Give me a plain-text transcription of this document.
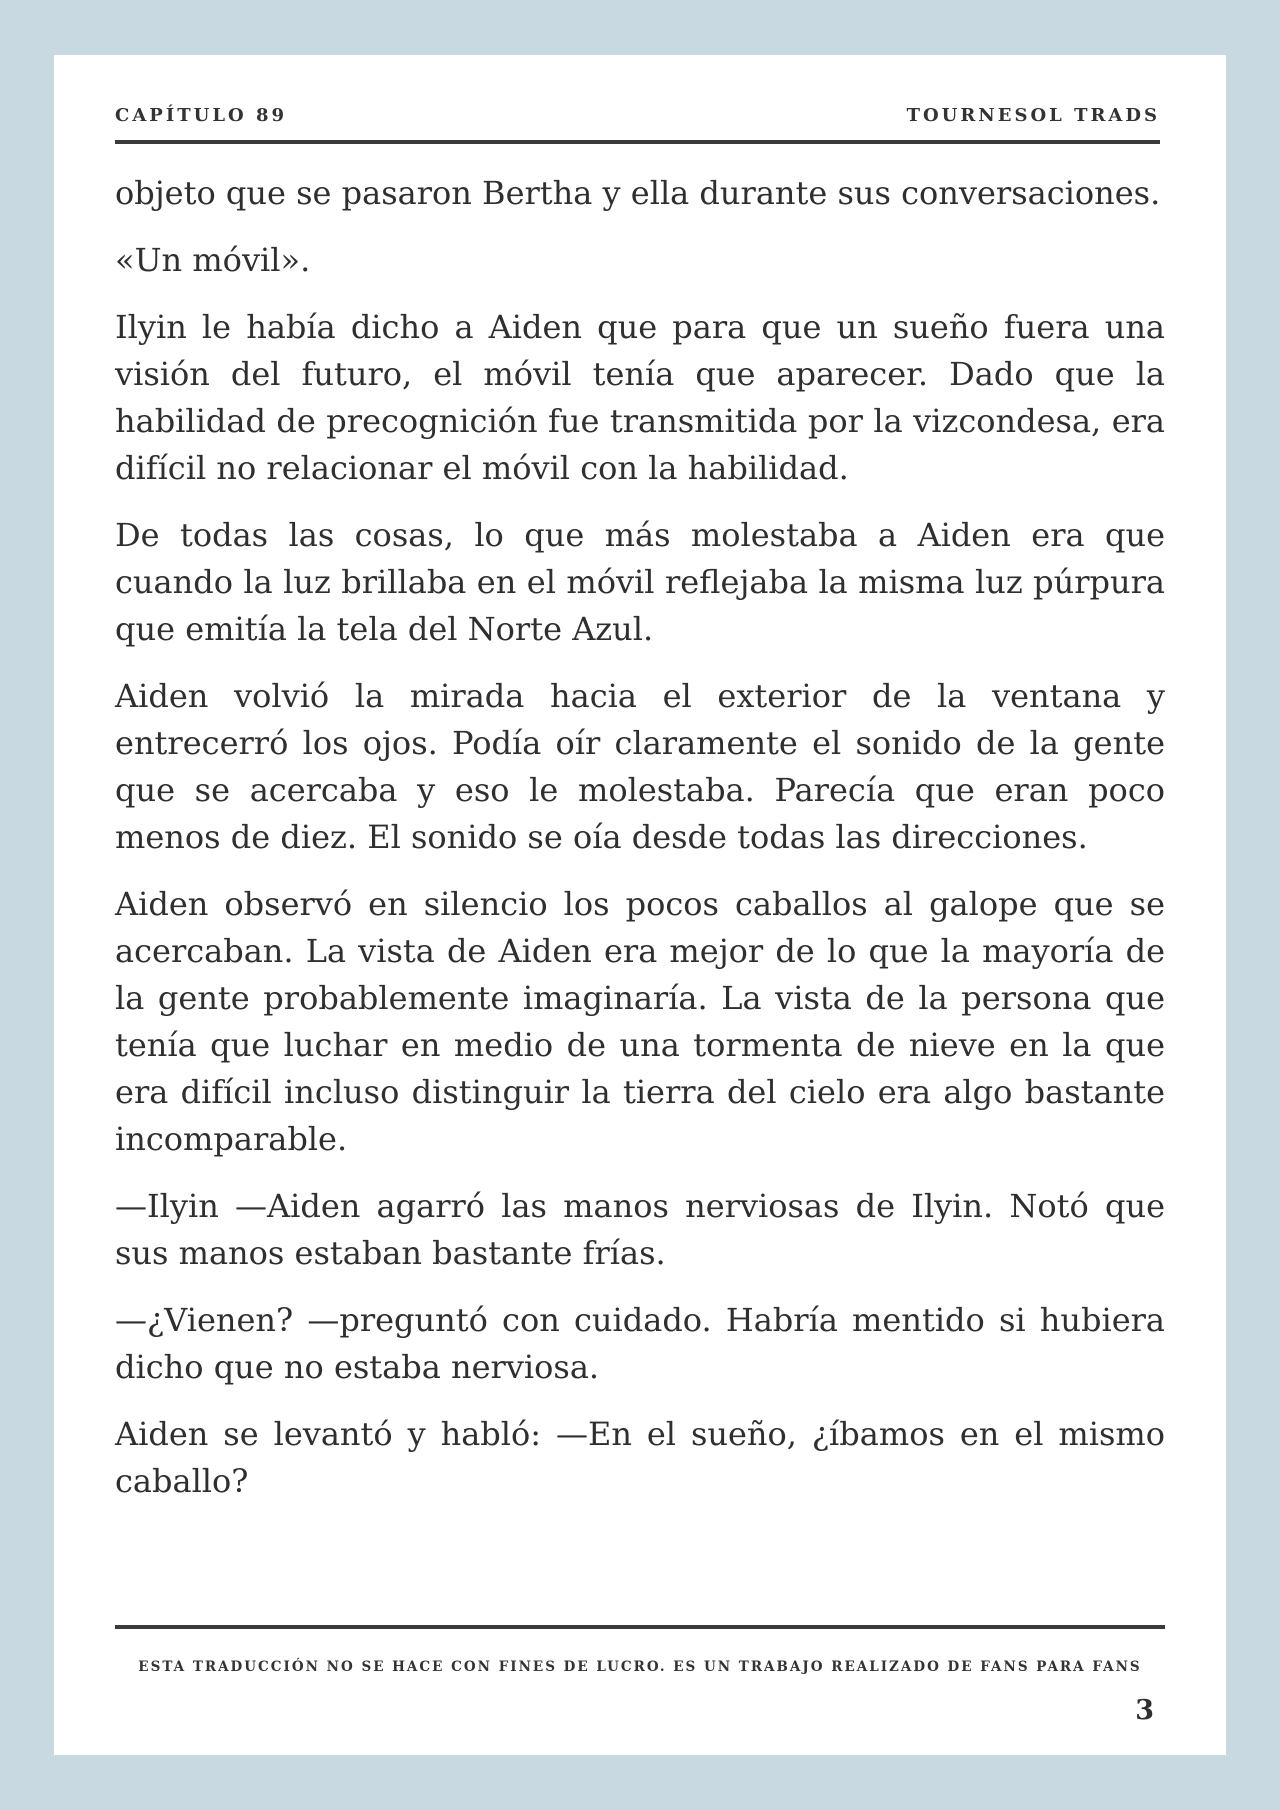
CAPÍTULO 89	TOURNESOL TRADS

objeto que se pasaron Bertha y ella durante sus conversaciones.

«Un móvil».

Ilyin le había dicho a Aiden que para que un sueño fuera una visión del futuro, el móvil tenía que aparecer. Dado que la habilidad de precognición fue transmitida por la vizcondesa, era difícil no relacionar el móvil con la habilidad.

De todas las cosas, lo que más molestaba a Aiden era que cuando la luz brillaba en el móvil reflejaba la misma luz púrpura que emitía la tela del Norte Azul.

Aiden volvió la mirada hacia el exterior de la ventana y entrecerró los ojos. Podía oír claramente el sonido de la gente que se acercaba y eso le molestaba. Parecía que eran poco menos de diez. El sonido se oía desde todas las direcciones.

Aiden observó en silencio los pocos caballos al galope que se acercaban. La vista de Aiden era mejor de lo que la mayoría de la gente probablemente imaginaría. La vista de la persona que tenía que luchar en medio de una tormenta de nieve en la que era difícil incluso distinguir la tierra del cielo era algo bastante incomparable.

—Ilyin —Aiden agarró las manos nerviosas de Ilyin. Notó que sus manos estaban bastante frías.

—¿Vienen? —preguntó con cuidado. Habría mentido si hubiera dicho que no estaba nerviosa.

Aiden se levantó y habló: —En el sueño, ¿íbamos en el mismo caballo?

ESTA TRADUCCIÓN NO SE HACE CON FINES DE LUCRO. ES UN TRABAJO REALIZADO DE FANS PARA FANS
3
